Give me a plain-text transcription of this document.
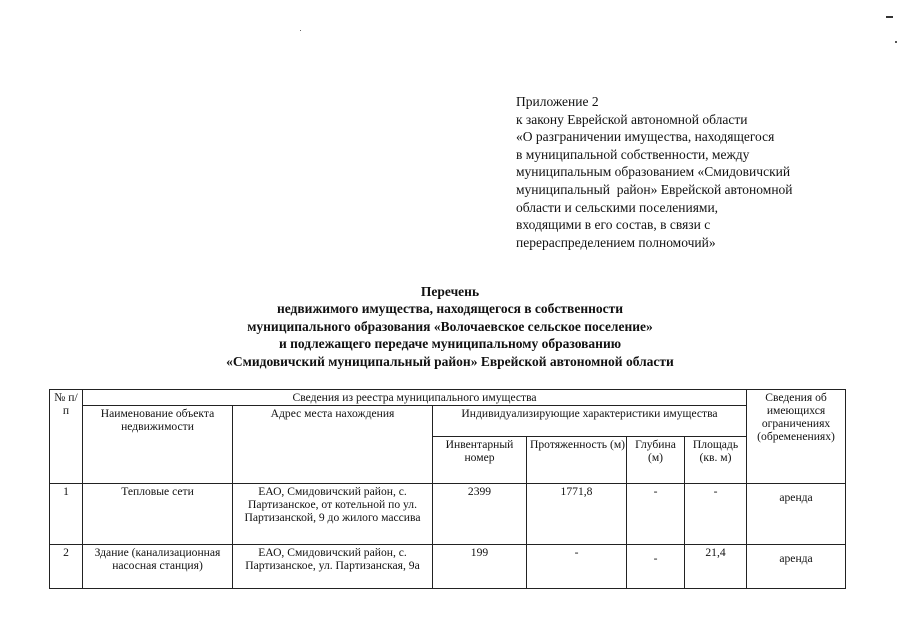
Приложение 2
к закону Еврейской автономной области
«О разграничении имущества, находящегося
в муниципальной собственности, между
муниципальным образованием «Смидовичский
муниципальный  район» Еврейской автономной
области и сельскими поселениями,
входящими в его состав, в связи с
перераспределением полномочий»
Перечень
недвижимого имущества, находящегося в собственности
муниципального образования «Волочаевское сельское поселение»
и подлежащего передаче муниципальному образованию
«Смидовичский муниципальный район» Еврейской автономной области
№ п/п	Сведения из реестра муниципального имущества						Сведения об имеющихся ограничениях (обременениях)
	Наименование объекта недвижимости	Адрес места нахождения	Индивидуализирующие характеристики имущества				
			Инвентарный номер	Протяженность (м)	Глубина (м)	Площадь (кв. м)	
1	Тепловые сети	ЕАО, Смидовичский район, с. Партизанское, от котельной по ул. Партизанской, 9 до жилого массива	2399	1771,8	-	-	аренда
2	Здание (канализационная насосная станция)	ЕАО, Смидовичский район, с. Партизанское, ул. Партизанская, 9а	199	-	-	21,4	аренда
